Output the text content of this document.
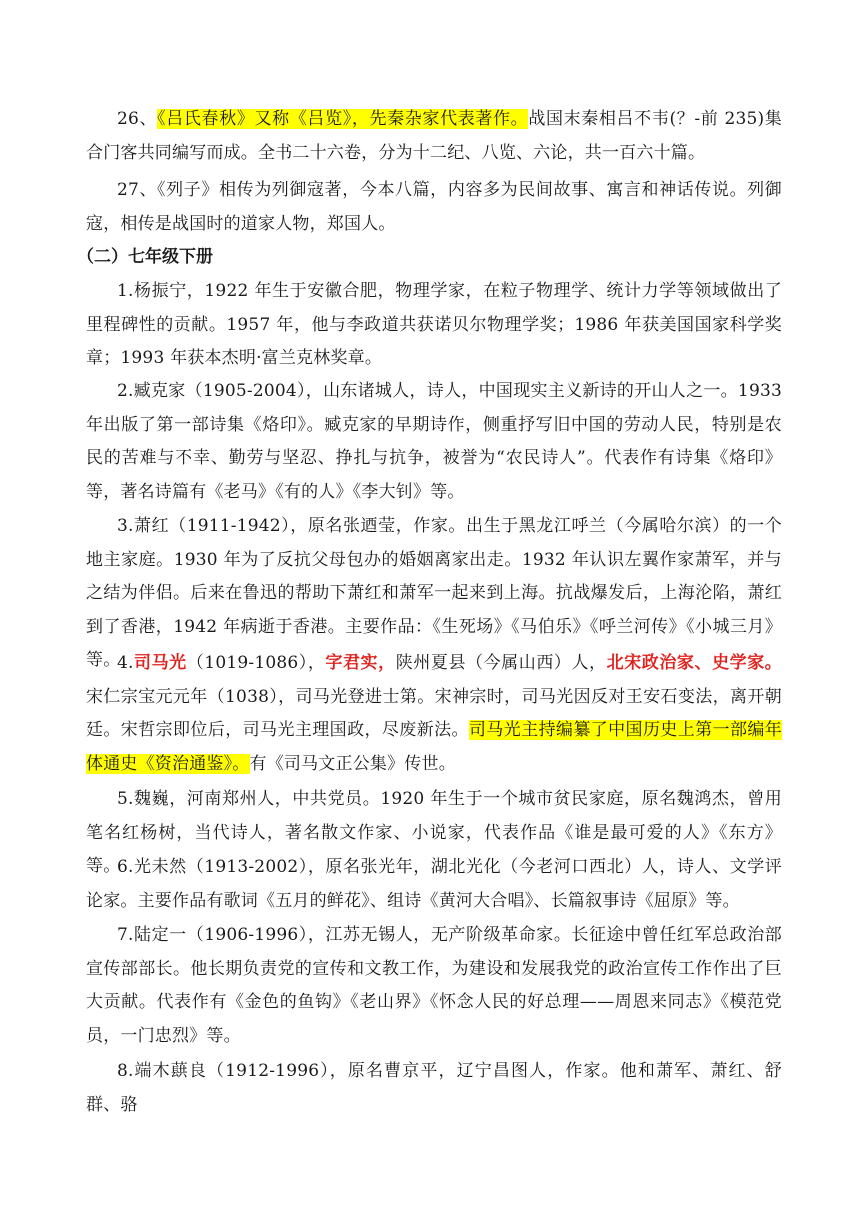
26、《吕氏春秋》又称《吕览》，先秦杂家代表著作。战国末秦相吕不韦(？-前 235)集合门客共同编写而成。全书二十六卷，分为十二纪、八览、六论，共一百六十篇。

27、《列子》相传为列御寇著，今本八篇，内容多为民间故事、寓言和神话传说。列御寇，相传是战国时的道家人物，郑国人。

（二）七年级下册

1.杨振宁，1922 年生于安徽合肥，物理学家，在粒子物理学、统计力学等领域做出了里程碑性的贡献。1957 年，他与李政道共获诺贝尔物理学奖；1986 年获美国国家科学奖章；1993 年获本杰明·富兰克林奖章。

2.臧克家（1905-2004），山东诸城人，诗人，中国现实主义新诗的开山人之一。1933 年出版了第一部诗集《烙印》。臧克家的早期诗作，侧重抒写旧中国的劳动人民，特别是农民的苦难与不幸、勤劳与坚忍、挣扎与抗争，被誉为“农民诗人”。代表作有诗集《烙印》等，著名诗篇有《老马》《有的人》《李大钊》等。

3.萧红（1911-1942），原名张迺莹，作家。出生于黑龙江呼兰（今属哈尔滨）的一个地主家庭。1930 年为了反抗父母包办的婚姻离家出走。1932 年认识左翼作家萧军，并与之结为伴侣。后来在鲁迅的帮助下萧红和萧军一起来到上海。抗战爆发后，上海沦陷，萧红到了香港，1942 年病逝于香港。主要作品：《生死场》《马伯乐》《呼兰河传》《小城三月》等。

4.司马光（1019-1086），字君实，陕州夏县（今属山西）人，北宋政治家、史学家。宋仁宗宝元元年（1038），司马光登进士第。宋神宗时，司马光因反对王安石变法，离开朝廷。宋哲宗即位后，司马光主理国政，尽废新法。司马光主持编纂了中国历史上第一部编年体通史《资治通鉴》。有《司马文正公集》传世。

5.魏巍，河南郑州人，中共党员。1920 年生于一个城市贫民家庭，原名魏鸿杰，曾用笔名红杨树，当代诗人，著名散文作家、小说家，代表作品《谁是最可爱的人》《东方》等。

6.光未然（1913-2002），原名张光年，湖北光化（今老河口西北）人，诗人、文学评论家。主要作品有歌词《五月的鲜花》、组诗《黄河大合唱》、长篇叙事诗《屈原》等。

7.陆定一（1906-1996），江苏无锡人，无产阶级革命家。长征途中曾任红军总政治部宣传部部长。他长期负责党的宣传和文教工作，为建设和发展我党的政治宣传工作作出了巨大贡献。代表作有《金色的鱼钩》《老山界》《怀念人民的好总理——周恩来同志》《模范党员，一门忠烈》等。

8.端木蕻良（1912-1996），原名曹京平，辽宁昌图人，作家。他和萧军、萧红、舒群、骆
